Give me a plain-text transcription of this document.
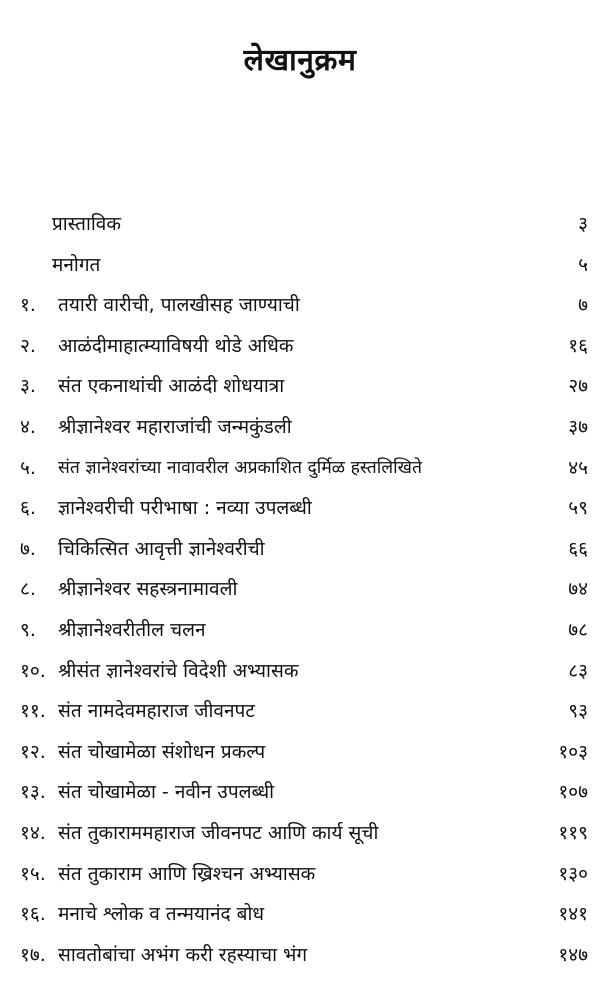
लेखानुक्रम
प्रास्ताविक	३
मनोगत	५
१. तयारी वारीची, पालखीसह जाण्याची	७
२. आळंदीमाहात्म्याविषयी थोडे अधिक	१६
३. संत एकनाथांची आळंदी शोधयात्रा	२७
४. श्रीज्ञानेश्वर महाराजांची जन्मकुंडली	३७
५. संत ज्ञानेश्वरांच्या नावावरील अप्रकाशित दुर्मिळ हस्तलिखिते	४५
६. ज्ञानेश्वरीची परीभाषा : नव्या उपलब्धी	५९
७. चिकित्सित आवृत्ती ज्ञानेश्वरीची	६६
८. श्रीज्ञानेश्वर सहस्त्रनामावली	७४
९. श्रीज्ञानेश्वरीतील चलन	७८
१०. श्रीसंत ज्ञानेश्वरांचे विदेशी अभ्यासक	८३
११. संत नामदेवमहाराज जीवनपट	९३
१२. संत चोखामेळा संशोधन प्रकल्प	१०३
१३. संत चोखामेळा - नवीन उपलब्धी	१०७
१४. संत तुकाराममहाराज जीवनपट आणि कार्य सूची	११९
१५. संत तुकाराम आणि ख्रिश्चन अभ्यासक	१३०
१६. मनाचे श्लोक व तन्मयानंद बोध	१४१
१७. सावतोबांचा अभंग करी रहस्याचा भंग	१४७
